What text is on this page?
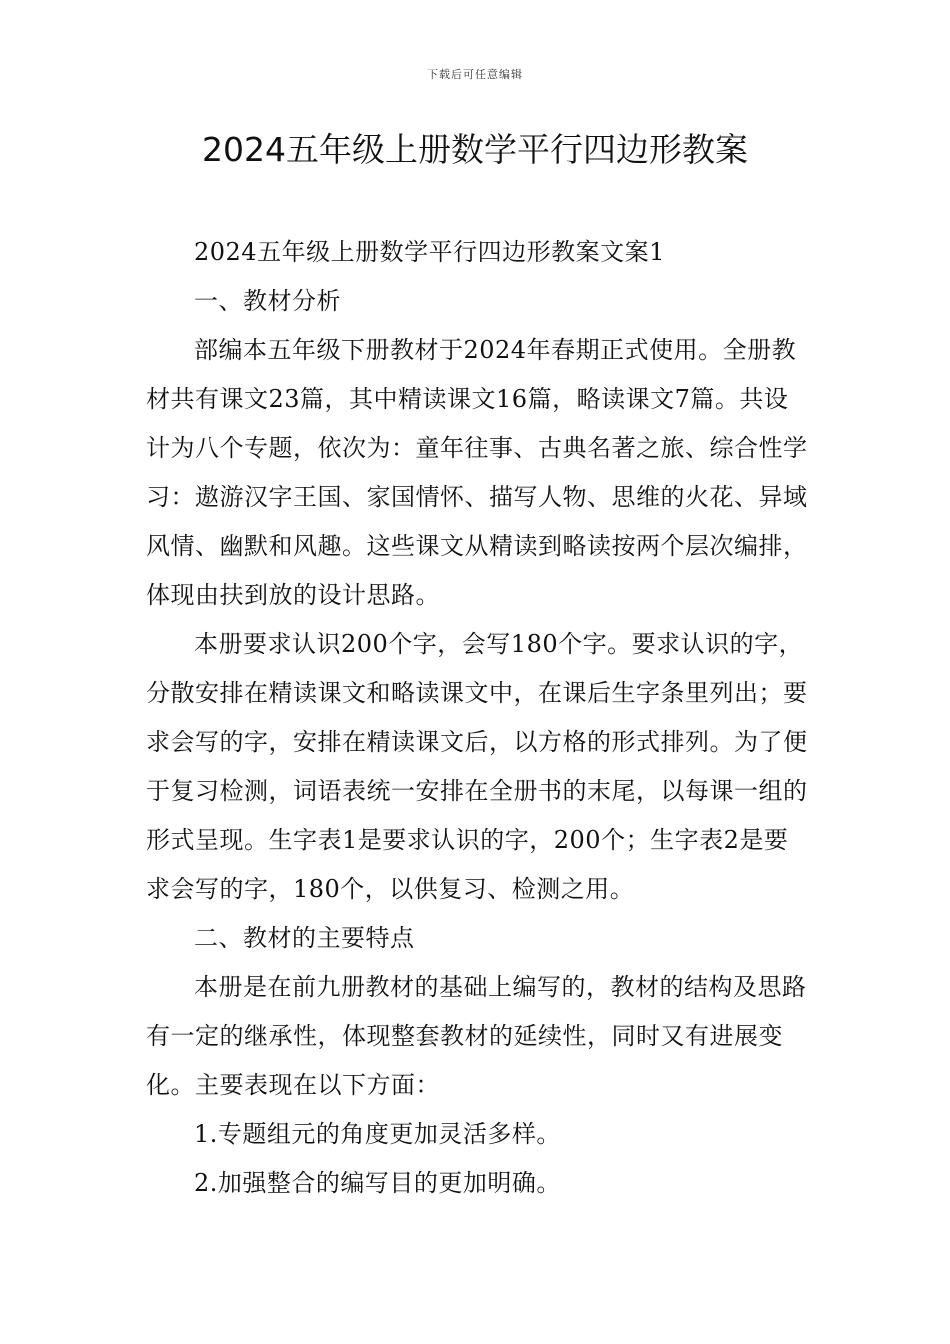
下载后可任意编辑
2024五年级上册数学平行四边形教案

2024五年级上册数学平行四边形教案文案1

一、教材分析

部编本五年级下册教材于2024年春期正式使用。全册教材共有课文23篇，其中精读课文16篇，略读课文7篇。共设计为八个专题，依次为：童年往事、古典名著之旅、综合性学习：遨游汉字王国、家国情怀、描写人物、思维的火花、异域风情、幽默和风趣。这些课文从精读到略读按两个层次编排，体现由扶到放的设计思路。

本册要求认识200个字，会写180个字。要求认识的字，分散安排在精读课文和略读课文中，在课后生字条里列出；要求会写的字，安排在精读课文后，以方格的形式排列。为了便于复习检测，词语表统一安排在全册书的末尾，以每课一组的形式呈现。生字表1是要求认识的字，200个；生字表2是要求会写的字，180个，以供复习、检测之用。

二、教材的主要特点

本册是在前九册教材的基础上编写的，教材的结构及思路有一定的继承性，体现整套教材的延续性，同时又有进展变化。主要表现在以下方面：

1.专题组元的角度更加灵活多样。

2.加强整合的编写目的更加明确。
